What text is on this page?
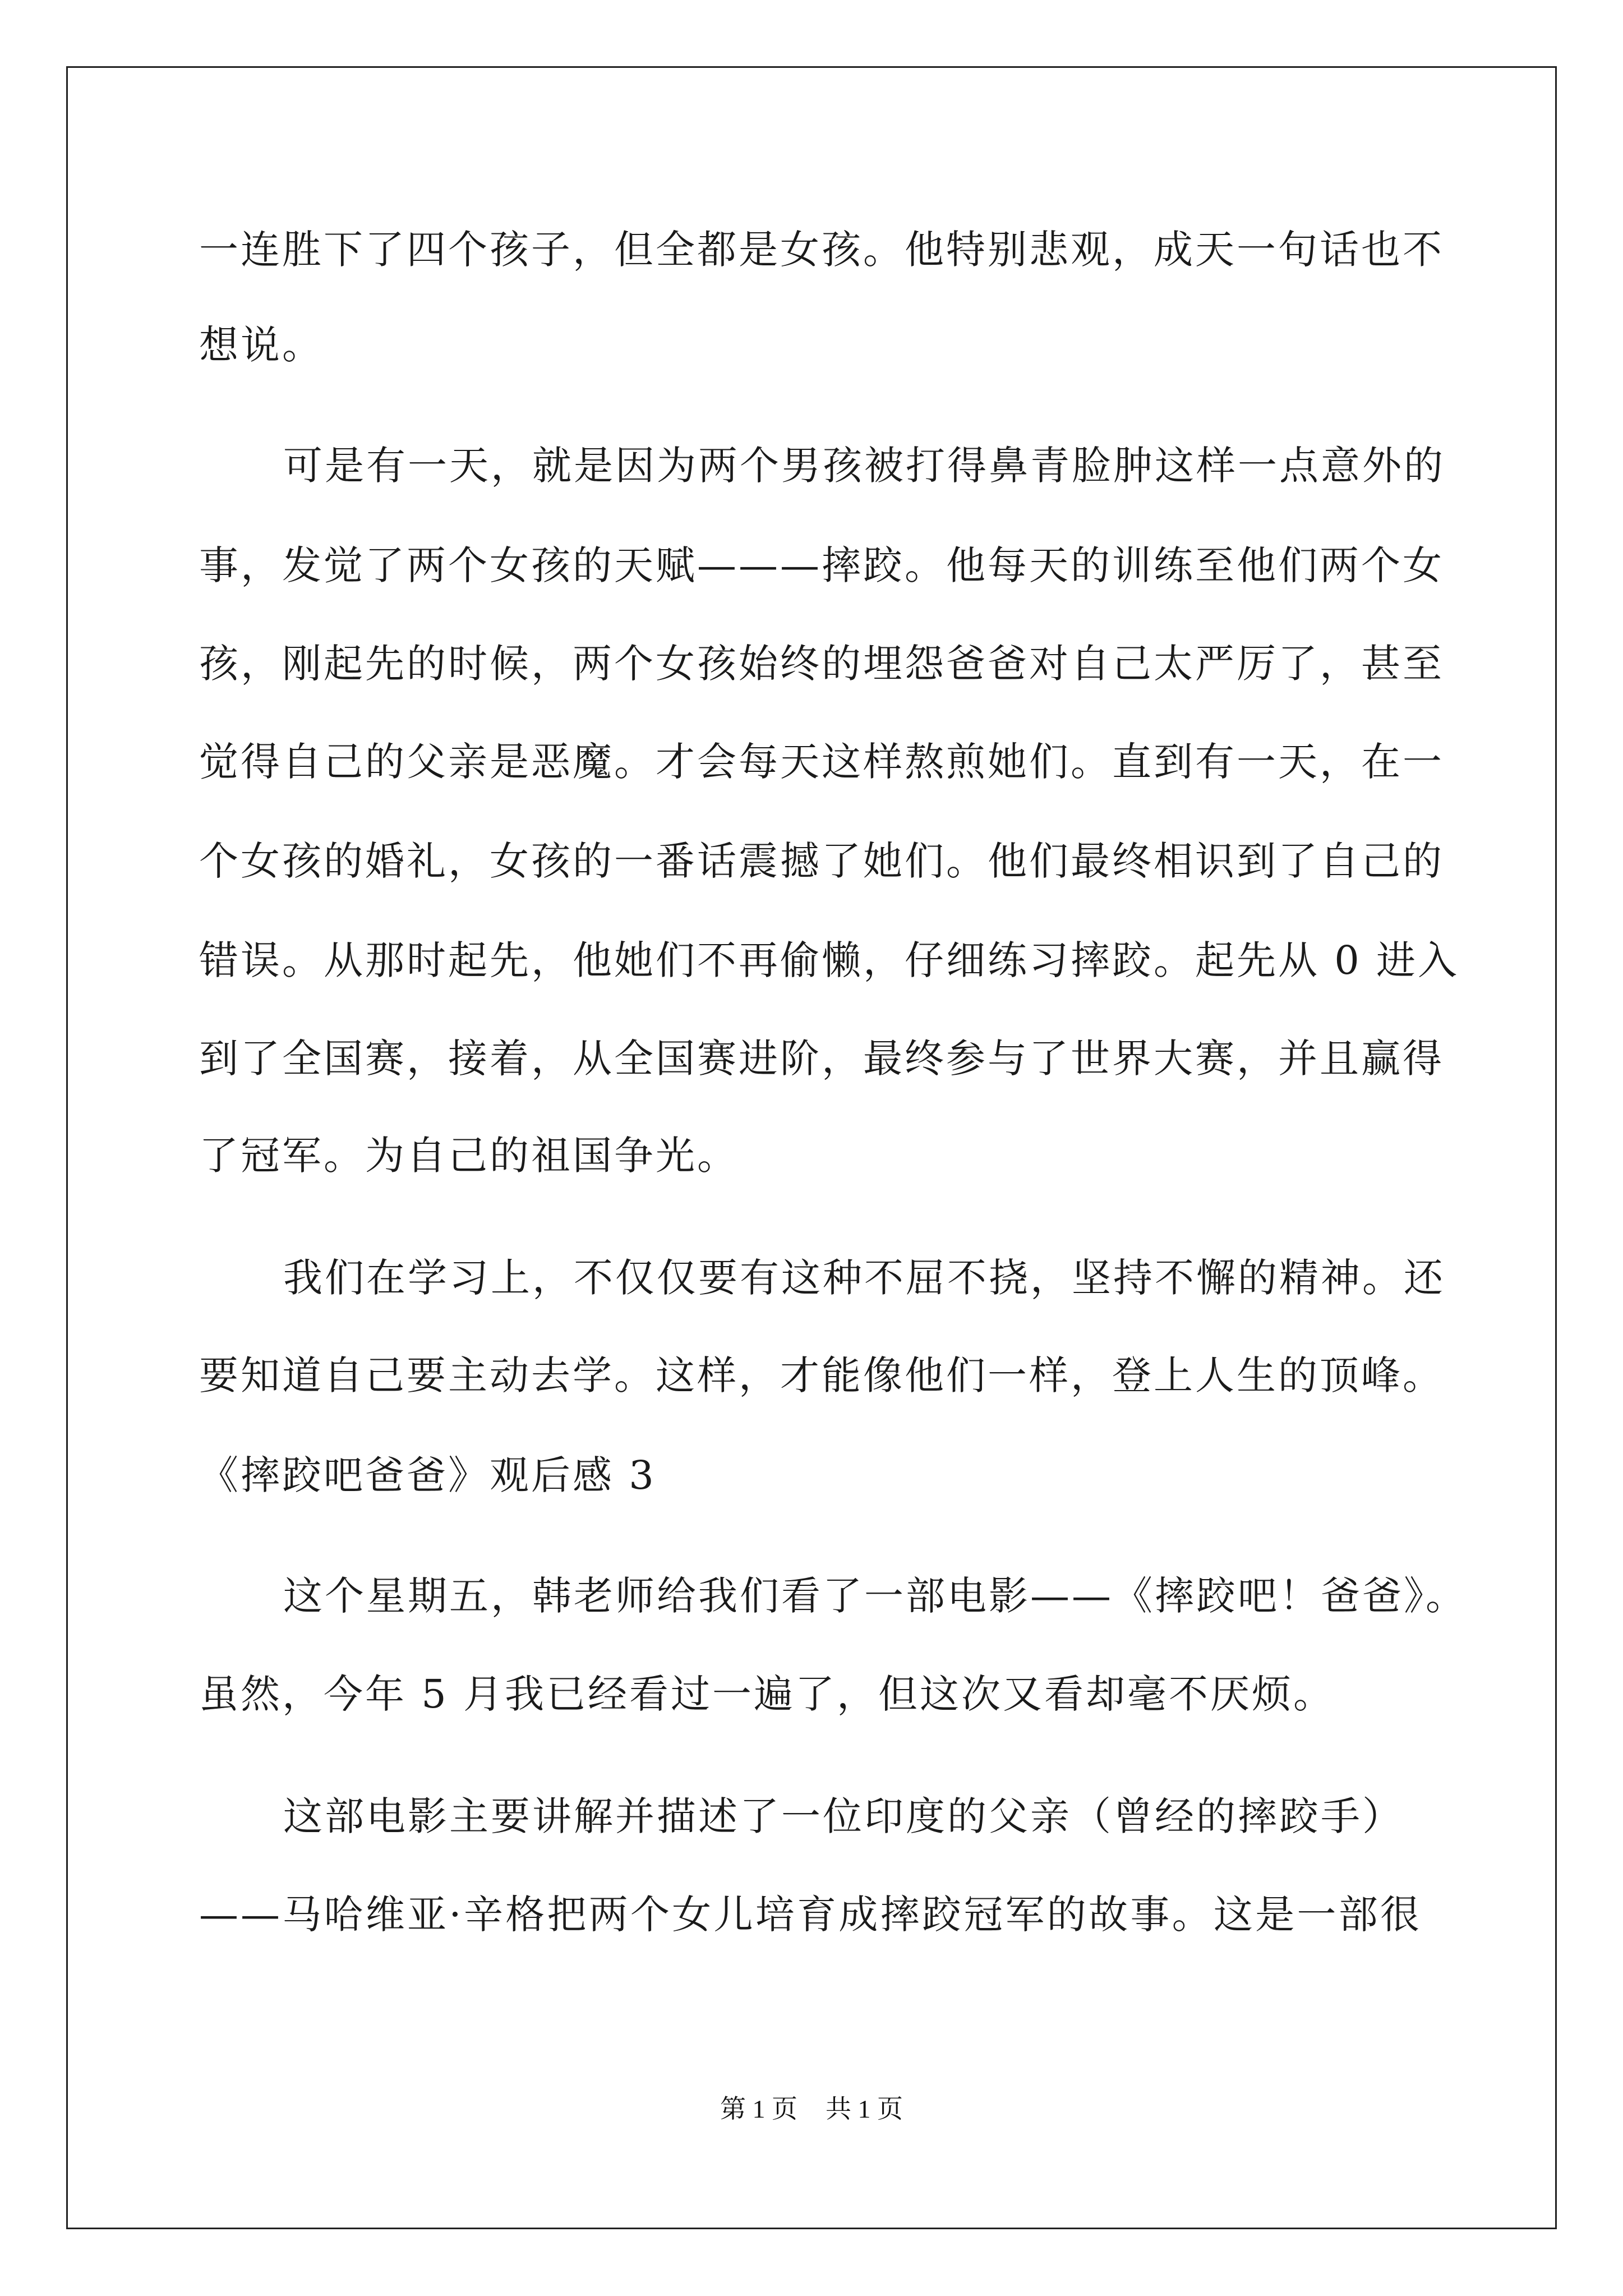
一连胜下了四个孩子，但全都是女孩。他特别悲观，成天一句话也不
想说。
可是有一天，就是因为两个男孩被打得鼻青脸肿这样一点意外的
事，发觉了两个女孩的天赋———摔跤。他每天的训练至他们两个女
孩，刚起先的时候，两个女孩始终的埋怨爸爸对自己太严厉了，甚至
觉得自己的父亲是恶魔。才会每天这样熬煎她们。直到有一天，在一
个女孩的婚礼，女孩的一番话震撼了她们。他们最终相识到了自己的
错误。从那时起先，他她们不再偷懒，仔细练习摔跤。起先从 0 进入
到了全国赛，接着，从全国赛进阶，最终参与了世界大赛，并且赢得
了冠军。为自己的祖国争光。
我们在学习上，不仅仅要有这种不屈不挠，坚持不懈的精神。还
要知道自己要主动去学。这样，才能像他们一样，登上人生的顶峰。
《摔跤吧爸爸》观后感 3
这个星期五，韩老师给我们看了一部电影——《摔跤吧！爸爸》。
虽然，今年 5 月我已经看过一遍了，但这次又看却毫不厌烦。
这部电影主要讲解并描述了一位印度的父亲（曾经的摔跤手）
——马哈维亚·辛格把两个女儿培育成摔跤冠军的故事。这是一部很
第 1 页 共 1 页
